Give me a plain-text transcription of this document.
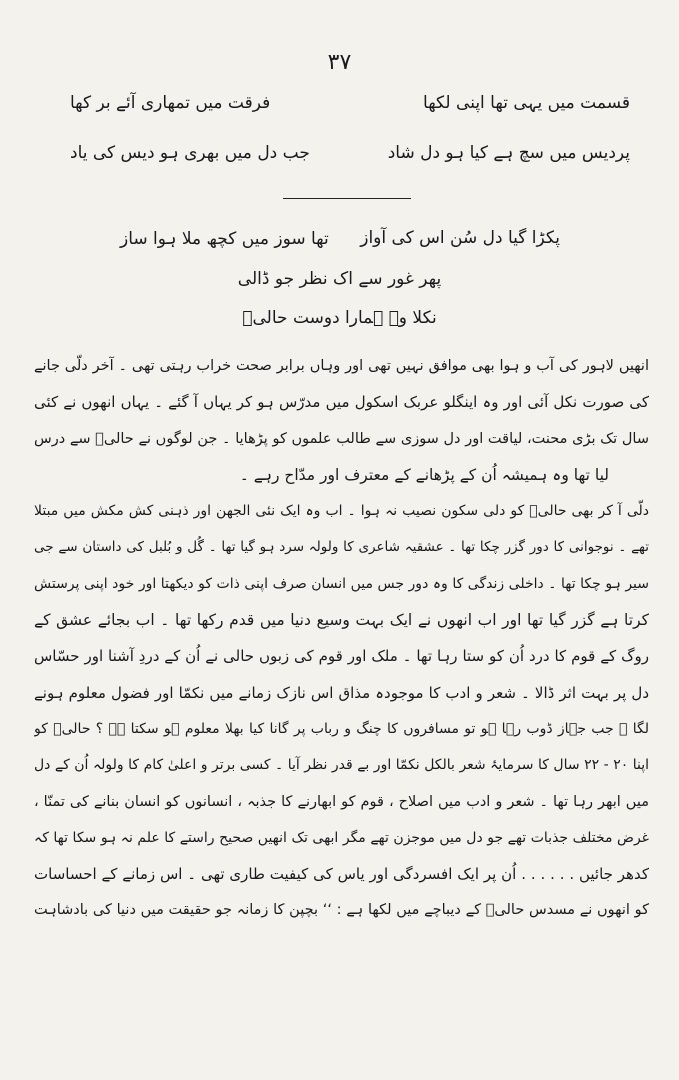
۳۷
قسمت میں یہی تھا اپنی لکھا
فرقت میں تمھاری آئے بر کھا
پردیس میں سچ ہے کیا ہو دل شاد
جب دل میں بھری ہو دیس کی یاد
پکڑا گیا دل سُن اس کی آواز
تھا سوز میں کچھ ملا ہوا ساز
پھر غور سے اک نظر جو ڈالی
نکلا وہ ہمارا دوست حالیؔ
انھیں لاہور کی آب و ہوا بھی موافق نہیں تھی اور وہاں برابر صحت خراب رہتی تھی ۔ آخر دلّی جانے
کی صورت نکل آئی اور وہ اینگلو عربک اسکول میں مدرّس ہو کر یہاں آ گئے ۔ یہاں انھوں نے کئی
سال تک بڑی محنت، لیاقت اور دل سوزی سے طالب علموں کو پڑھایا ۔ جن لوگوں نے حالیؔ سے درس
لیا تھا وہ ہمیشہ اُن کے پڑھانے کے معترف اور مدّاح رہے ۔
دلّی آ کر بھی حالیؔ کو دلی سکون نصیب نہ ہوا ۔ اب وہ ایک نئی الجھن اور ذہنی کش مکش میں مبتلا
تھے ۔ نوجوانی کا دور گزر چکا تھا ۔ عشقیہ شاعری کا ولولہ سرد ہو گیا تھا ۔ گُل و بُلبل کی داستان سے جی
سیر ہو چکا تھا ۔ داخلی زندگی کا وہ دور جس میں انسان صرف اپنی ذات کو دیکھتا اور خود اپنی پرستش
کرتا ہے گزر گیا تھا اور اب انھوں نے ایک بہت وسیع دنیا میں قدم رکھا تھا ۔ اب بجائے عشق کے
روگ کے قوم کا درد اُن کو ستا رہا تھا ۔ ملک اور قوم کی زبوں حالی نے اُن کے دردِ آشنا اور حسّاس
دل پر بہت اثر ڈالا ۔ شعر و ادب کا موجودہ مذاق اس نازک زمانے میں نکمّا اور فضول معلوم ہونے
لگا ۔ جب جہاز ڈوب رہا ہو تو مسافروں کا چنگ و رباب پر گانا کیا بھلا معلوم ہو سکتا ہے ؟ حالیؔ کو
اپنا ۲۰ - ۲۲ سال کا سرمایۂ شعر بالکل نکمّا اور بے قدر نظر آیا ۔ کسی برتر و اعلیٰ کام کا ولولہ اُن کے دل
میں ابھر رہا تھا ۔ شعر و ادب میں اصلاح ، قوم کو ابھارنے کا جذبہ ، انسانوں کو انسان بنانے کی تمنّا ،
غرض مختلف جذبات تھے جو دل میں موجزن تھے مگر ابھی تک انھیں صحیح راستے کا علم نہ ہو سکا تھا کہ
کدھر جائیں . . . . . . اُن پر ایک افسردگی اور یاس کی کیفیت طاری تھی ۔ اس زمانے کے احساسات
کو انھوں نے مسدس حالیؔ کے دیباچے میں لکھا ہے : ‘‘ بچپن کا زمانہ جو حقیقت میں دنیا کی بادشاہت
